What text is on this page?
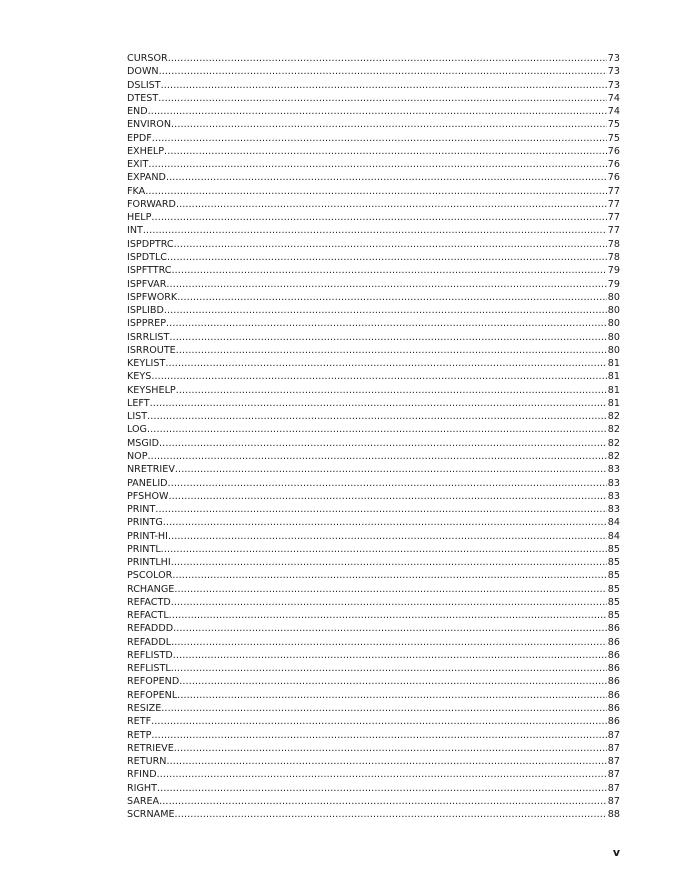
CURSOR .....	73
DOWN .....	73
DSLIST .....	73
DTEST .....	74
END .....	74
ENVIRON .....	75
EPDF .....	75
EXHELP .....	76
EXIT .....	76
EXPAND .....	76
FKA .....	77
FORWARD .....	77
HELP .....	77
INT .....	77
ISPDPTRC .....	78
ISPDTLC .....	78
ISPFTTRC .....	79
ISPFVAR .....	79
ISPFWORK .....	80
ISPLIBD .....	80
ISPPREP .....	80
ISRRLIST .....	80
ISRROUTE .....	80
KEYLIST .....	81
KEYS .....	81
KEYSHELP .....	81
LEFT .....	81
LIST .....	82
LOG .....	82
MSGID .....	82
NOP .....	82
NRETRIEV .....	83
PANELID .....	83
PFSHOW .....	83
PRINT .....	83
PRINTG .....	84
PRINT-HI .....	84
PRINTL .....	85
PRINTLHI .....	85
PSCOLOR .....	85
RCHANGE .....	85
REFACTD .....	85
REFACTL .....	85
REFADDD .....	86
REFADDL .....	86
REFLISTD .....	86
REFLISTL .....	86
REFOPEND .....	86
REFOPENL .....	86
RESIZE .....	86
RETF .....	86
RETP .....	87
RETRIEVE .....	87
RETURN .....	87
RFIND .....	87
RIGHT .....	87
SAREA .....	87
SCRNAME .....	88
v
